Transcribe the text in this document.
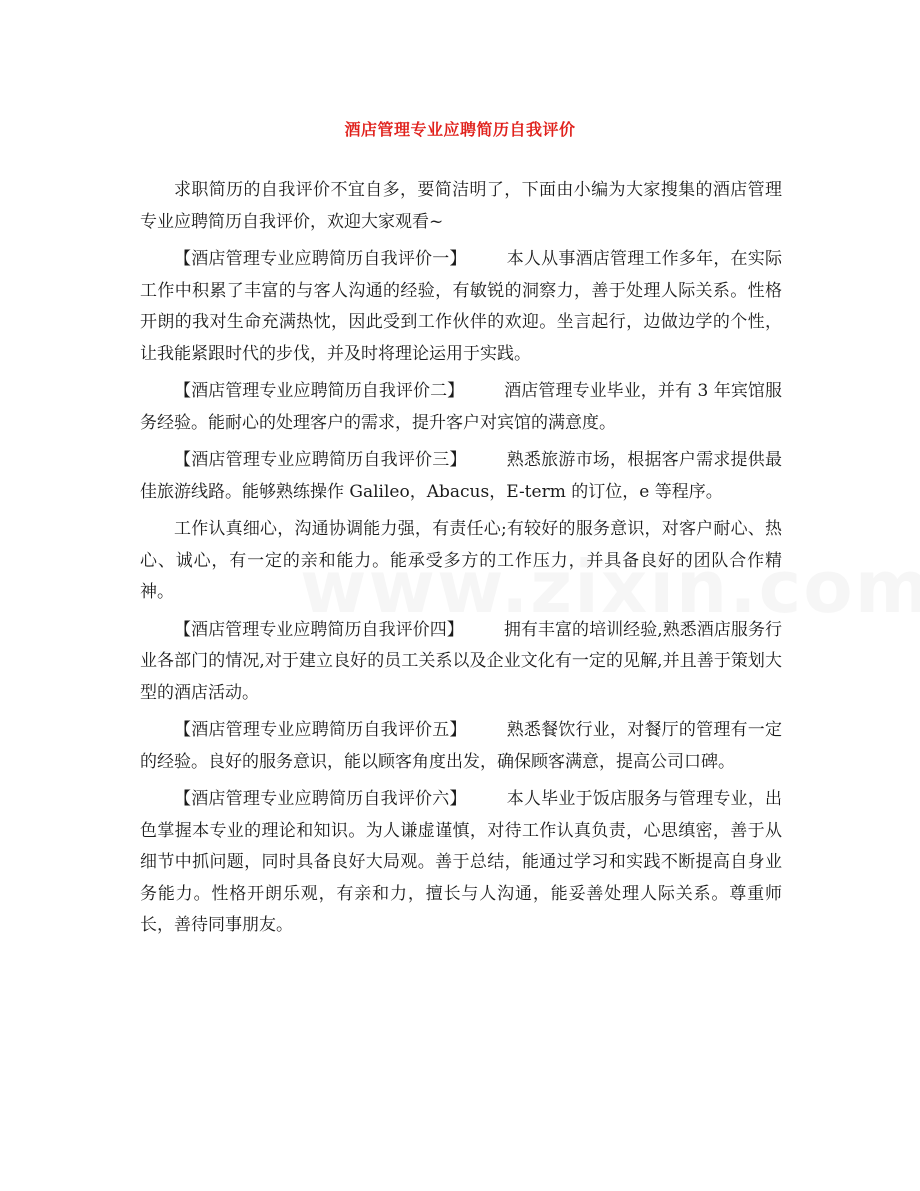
酒店管理专业应聘简历自我评价

求职简历的自我评价不宜自多，要简洁明了，下面由小编为大家搜集的酒店管理专业应聘简历自我评价，欢迎大家观看~

【酒店管理专业应聘简历自我评价一】 本人从事酒店管理工作多年，在实际工作中积累了丰富的与客人沟通的经验，有敏锐的洞察力，善于处理人际关系。性格开朗的我对生命充满热忱，因此受到工作伙伴的欢迎。坐言起行，边做边学的个性，让我能紧跟时代的步伐，并及时将理论运用于实践。

【酒店管理专业应聘简历自我评价二】 酒店管理专业毕业，并有 3 年宾馆服务经验。能耐心的处理客户的需求，提升客户对宾馆的满意度。

【酒店管理专业应聘简历自我评价三】 熟悉旅游市场，根据客户需求提供最佳旅游线路。能够熟练操作 Galileo，Abacus，E-term 的订位，e 等程序。

工作认真细心，沟通协调能力强，有责任心;有较好的服务意识，对客户耐心、热心、诚心，有一定的亲和能力。能承受多方的工作压力，并具备良好的团队合作精神。

【酒店管理专业应聘简历自我评价四】 拥有丰富的培训经验,熟悉酒店服务行业各部门的情况,对于建立良好的员工关系以及企业文化有一定的见解,并且善于策划大型的酒店活动。

【酒店管理专业应聘简历自我评价五】 熟悉餐饮行业，对餐厅的管理有一定的经验。良好的服务意识，能以顾客角度出发，确保顾客满意，提高公司口碑。

【酒店管理专业应聘简历自我评价六】 本人毕业于饭店服务与管理专业，出色掌握本专业的理论和知识。为人谦虚谨慎，对待工作认真负责，心思缜密，善于从细节中抓问题，同时具备良好大局观。善于总结，能通过学习和实践不断提高自身业务能力。性格开朗乐观，有亲和力，擅长与人沟通，能妥善处理人际关系。尊重师长，善待同事朋友。
